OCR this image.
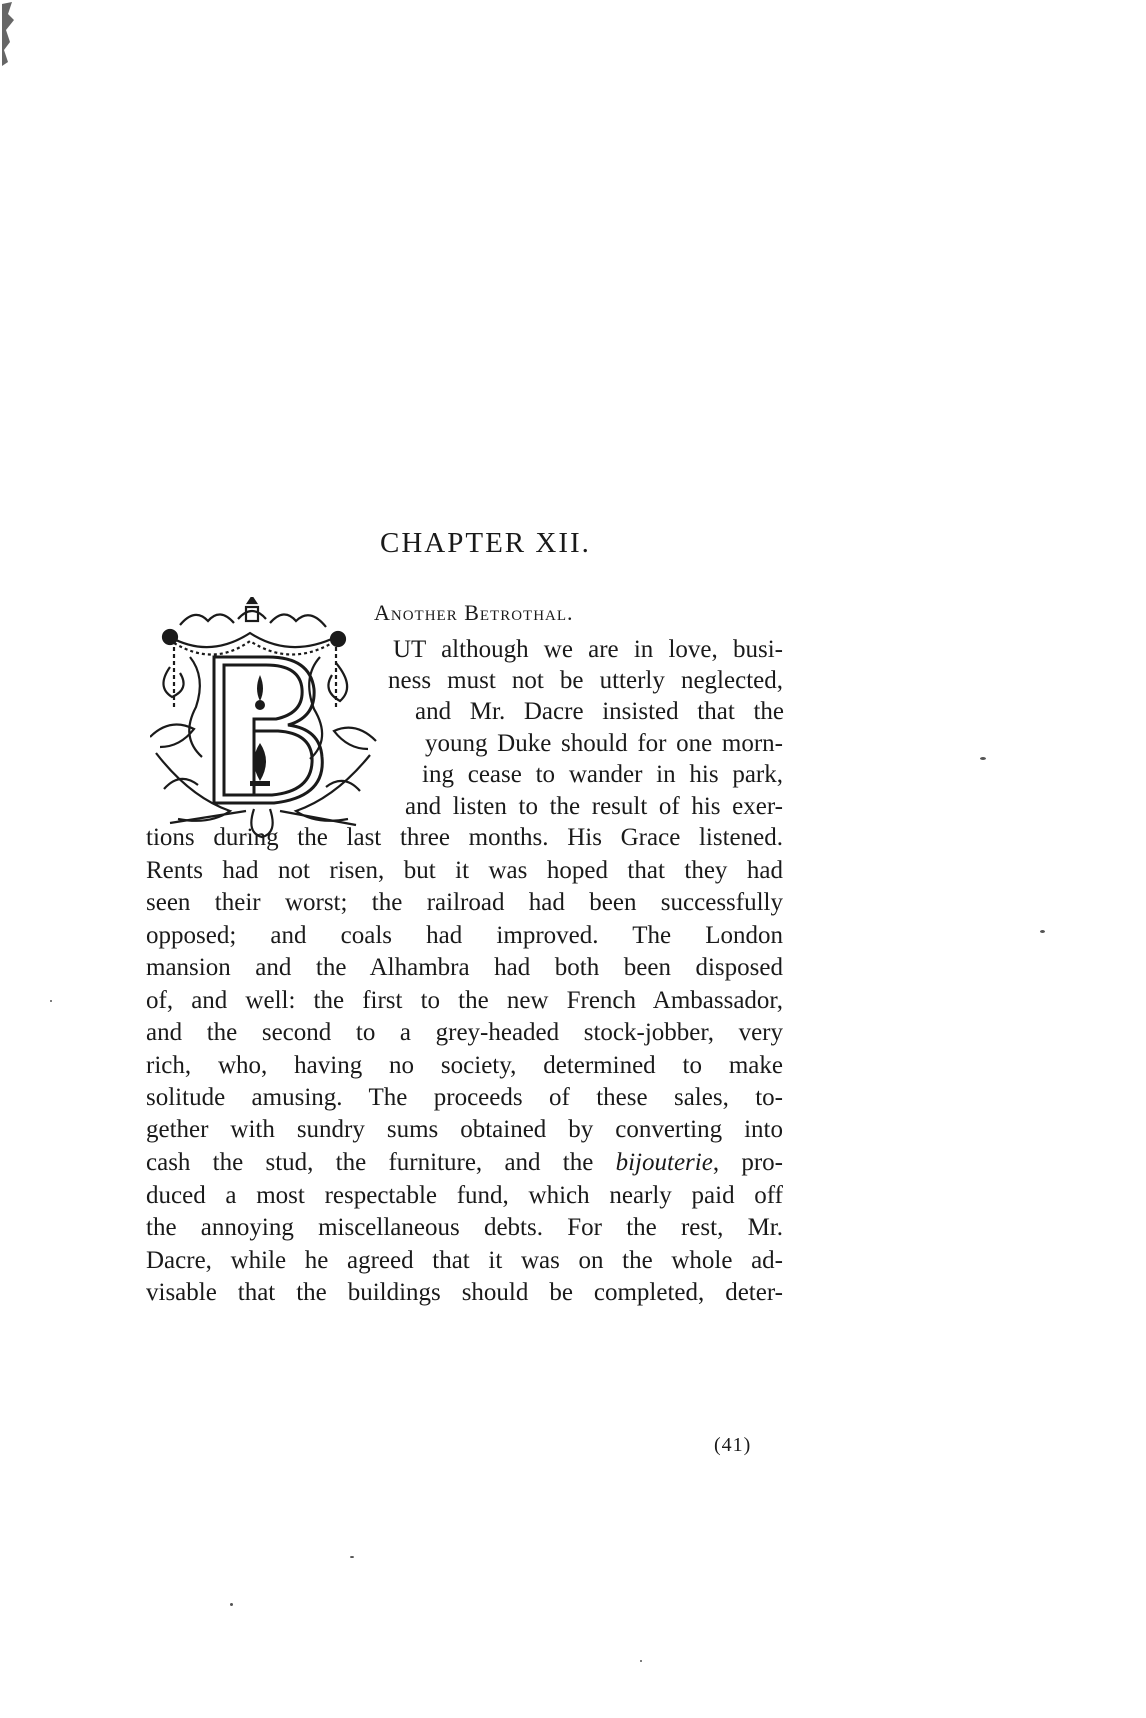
CHAPTER XII.
Another Betrothal.
UT although we are in love, busi-
ness must not be utterly neglected,
and Mr. Dacre insisted that the
young Duke should for one morn-
ing cease to wander in his park,
and listen to the result of his exer-
tions during the last three months. His Grace listened.
Rents had not risen, but it was hoped that they had
seen their worst; the railroad had been successfully
opposed; and coals had improved. The London
mansion and the Alhambra had both been disposed
of, and well: the first to the new French Ambassador,
and the second to a grey-headed stock-jobber, very
rich, who, having no society, determined to make
solitude amusing. The proceeds of these sales, to-
gether with sundry sums obtained by converting into
cash the stud, the furniture, and the bijouterie, pro-
duced a most respectable fund, which nearly paid off
the annoying miscellaneous debts. For the rest, Mr.
Dacre, while he agreed that it was on the whole ad-
visable that the buildings should be completed, deter-
(41)
